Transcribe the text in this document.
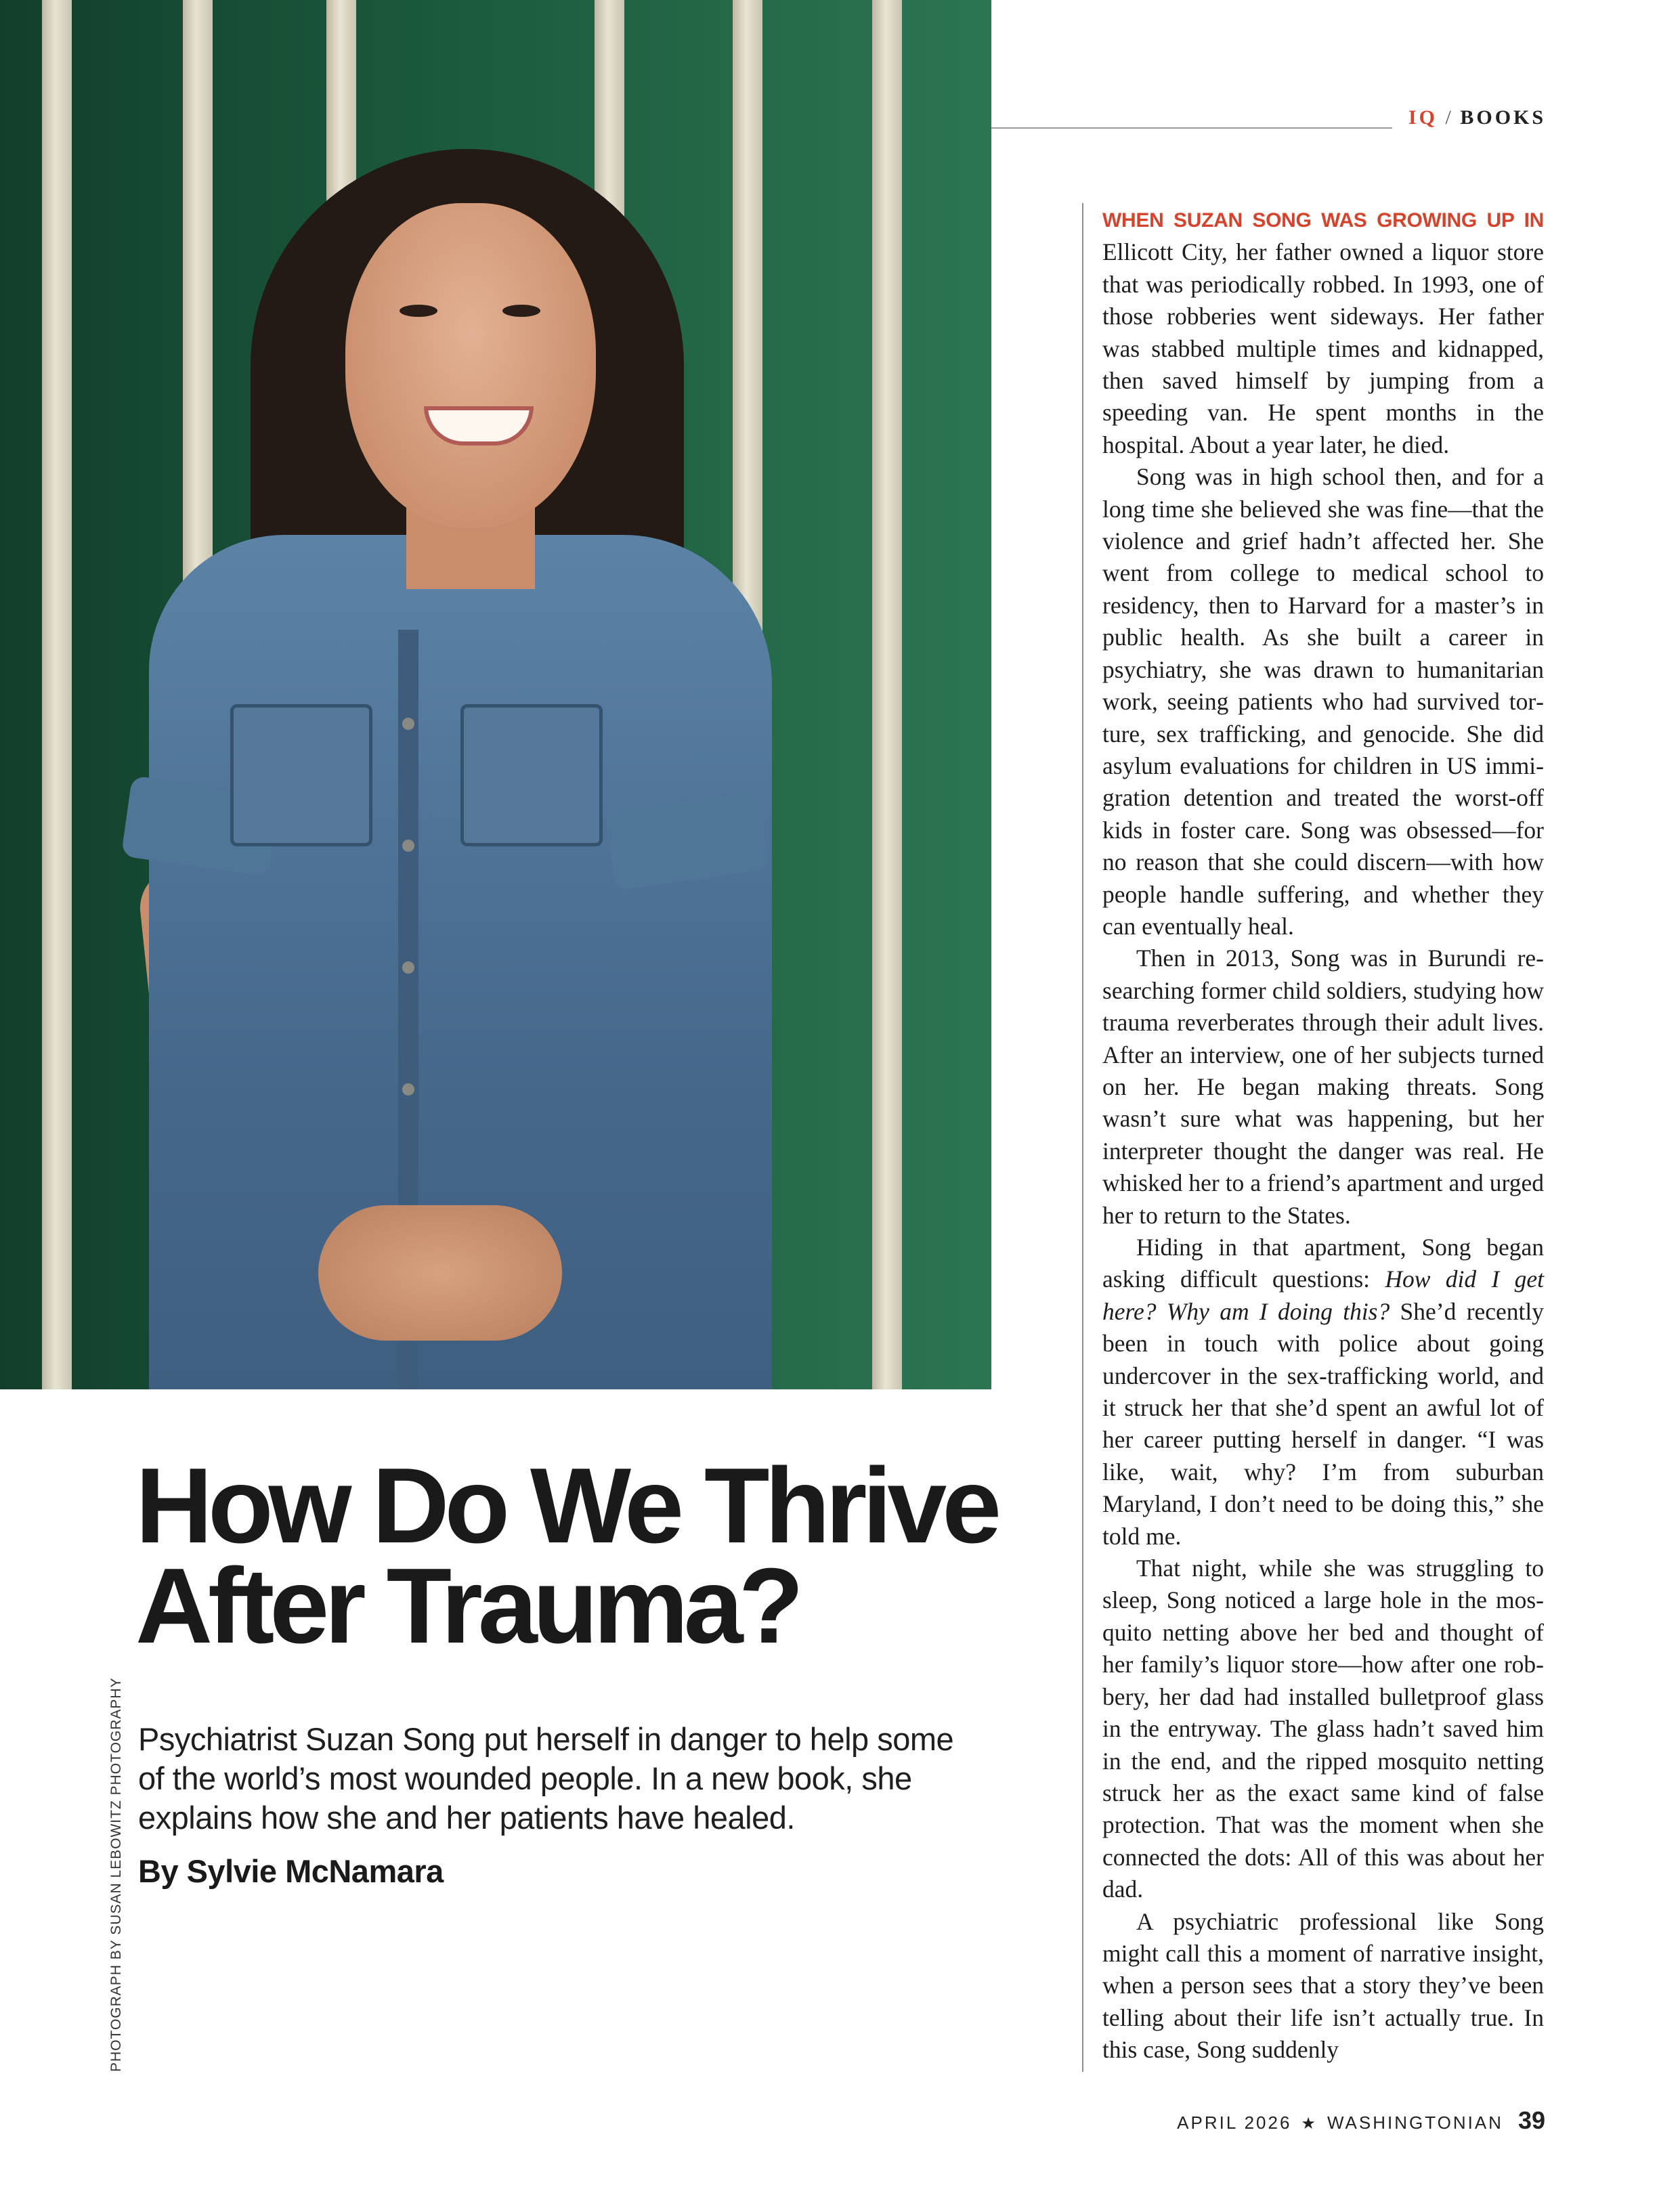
IQ / BOOKS
How Do We Thrive
After Trauma?

Psychiatrist Suzan Song put herself in danger to help some of the world’s most wounded people. In a new book, she explains how she and her patients have healed.

By Sylvie McNamara

PHOTOGRAPH BY SUSAN LEBOWITZ PHOTOGRAPHY

WHEN SUZAN SONG WAS GROWING UP IN Ellicott City, her father owned a liquor store that was periodically robbed. In 1993, one of those robberies went sideways. Her father was stabbed multiple times and kidnapped, then saved himself by jumping from a speeding van. He spent months in the hospital. About a year later, he died.

Song was in high school then, and for a long time she believed she was fine—that the violence and grief hadn’t affected her. She went from college to medical school to residency, then to Harvard for a master’s in public health. As she built a career in psychiatry, she was drawn to humanitarian work, seeing patients who had survived torture, sex trafficking, and genocide. She did asylum evaluations for children in US immigration detention and treated the worst-off kids in foster care. Song was obsessed—for no reason that she could discern—with how people handle suffering, and whether they can eventually heal.

Then in 2013, Song was in Burundi researching former child soldiers, studying how trauma reverberates through their adult lives. After an interview, one of her subjects turned on her. He began making threats. Song wasn’t sure what was happening, but her interpreter thought the danger was real. He whisked her to a friend’s apartment and urged her to return to the States.

Hiding in that apartment, Song began asking difficult questions: How did I get here? Why am I doing this? She’d recently been in touch with police about going undercover in the sex-trafficking world, and it struck her that she’d spent an awful lot of her career putting herself in danger. “I was like, wait, why? I’m from suburban Maryland, I don’t need to be doing this,” she told me.

That night, while she was struggling to sleep, Song noticed a large hole in the mosquito netting above her bed and thought of her family’s liquor store—how after one robbery, her dad had installed bulletproof glass in the entryway. The glass hadn’t saved him in the end, and the ripped mosquito netting struck her as the exact same kind of false protection. That was the moment when she connected the dots: All of this was about her dad.

A psychiatric professional like Song might call this a moment of narrative insight, when a person sees that a story they’ve been telling about their life isn’t actually true. In this case, Song suddenly

APRIL 2026 ★ WASHINGTONIAN 39
